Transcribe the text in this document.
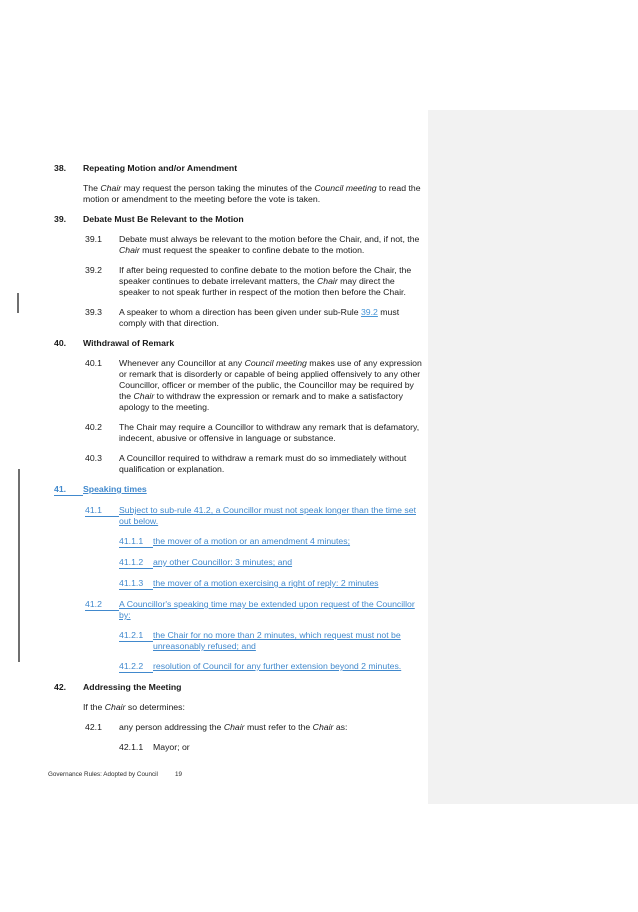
38.	Repeating Motion and/or Amendment
The Chair may request the person taking the minutes of the Council meeting to read the motion or amendment to the meeting before the vote is taken.
39.	Debate Must Be Relevant to the Motion
39.1	Debate must always be relevant to the motion before the Chair, and, if not, the Chair must request the speaker to confine debate to the motion.
39.2	If after being requested to confine debate to the motion before the Chair, the speaker continues to debate irrelevant matters, the Chair may direct the speaker to not speak further in respect of the motion then before the Chair.
39.3	A speaker to whom a direction has been given under sub-Rule 39.2 must comply with that direction.
40.	Withdrawal of Remark
40.1	Whenever any Councillor at any Council meeting makes use of any expression or remark that is disorderly or capable of being applied offensively to any other Councillor, officer or member of the public, the Councillor may be required by the Chair to withdraw the expression or remark and to make a satisfactory apology to the meeting.
40.2	The Chair may require a Councillor to withdraw any remark that is defamatory, indecent, abusive or offensive in language or substance.
40.3	A Councillor required to withdraw a remark must do so immediately without qualification or explanation.
41.	Speaking times
41.1	Subject to sub-rule 41.2, a Councillor must not speak longer than the time set out below.
41.1.1	the mover of a motion or an amendment 4 minutes;
41.1.2	any other Councillor: 3 minutes; and
41.1.3	the mover of a motion exercising a right of reply: 2 minutes
41.2	A Councillor's speaking time may be extended upon request of the Councillor by:
41.2.1	the Chair for no more than 2 minutes, which request must not be unreasonably refused; and
41.2.2	resolution of Council for any further extension beyond 2 minutes.
42.	Addressing the Meeting
If the Chair so determines:
42.1	any person addressing the Chair must refer to the Chair as:
42.1.1	Mayor; or
Governance Rules: Adopted by Council	19
